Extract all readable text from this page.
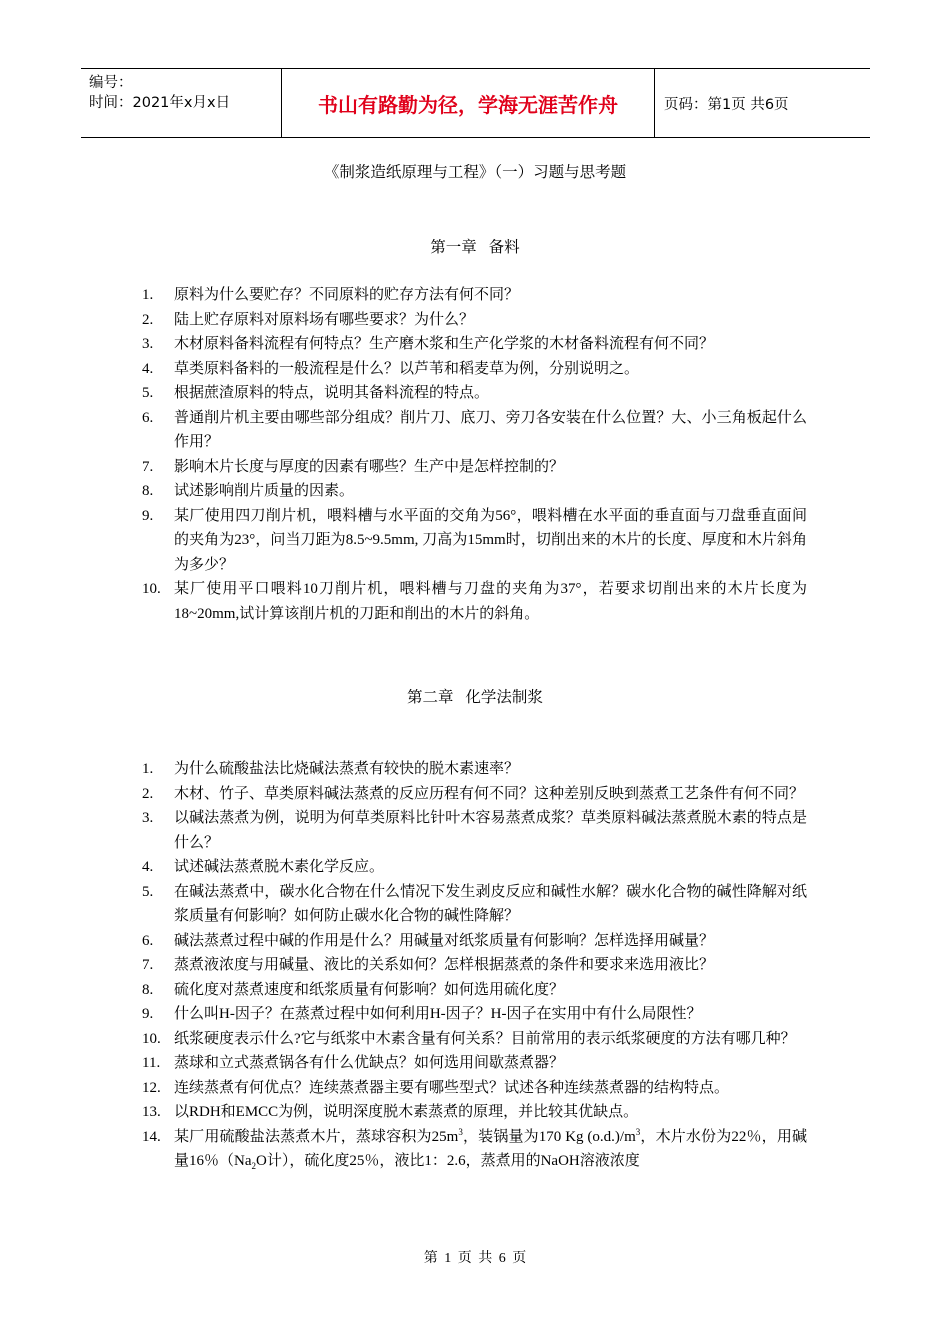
编号：
时间：2021年x月x日	书山有路勤为径，学海无涯苦作舟	页码：第1页 共6页
《制浆造纸原理与工程》（一）习题与思考题
第一章 备料
1.	原料为什么要贮存？不同原料的贮存方法有何不同？
2.	陆上贮存原料对原料场有哪些要求？为什么？
3.	木材原料备料流程有何特点？生产磨木浆和生产化学浆的木材备料流程有何不同？
4.	草类原料备料的一般流程是什么？以芦苇和稻麦草为例，分别说明之。
5.	根据蔗渣原料的特点，说明其备料流程的特点。
6.	普通削片机主要由哪些部分组成？削片刀、底刀、旁刀各安装在什么位置？大、小三角板起什么作用？
7.	影响木片长度与厚度的因素有哪些？生产中是怎样控制的？
8.	试述影响削片质量的因素。
9.	某厂使用四刀削片机，喂料槽与水平面的交角为56°，喂料槽在水平面的垂直面与刀盘垂直面间的夹角为23°，问当刀距为8.5~9.5mm, 刀高为15mm时，切削出来的木片的长度、厚度和木片斜角为多少？
10. 某厂使用平口喂料10刀削片机，喂料槽与刀盘的夹角为37°，若要求切削出来的木片长度为18~20mm,试计算该削片机的刀距和削出的木片的斜角。
第二章 化学法制浆
1.	为什么硫酸盐法比烧碱法蒸煮有较快的脱木素速率？
2.	木材、竹子、草类原料碱法蒸煮的反应历程有何不同？这种差别反映到蒸煮工艺条件有何不同？
3.	以碱法蒸煮为例，说明为何草类原料比针叶木容易蒸煮成浆？草类原料碱法蒸煮脱木素的特点是什么？
4.	试述碱法蒸煮脱木素化学反应。
5.	在碱法蒸煮中，碳水化合物在什么情况下发生剥皮反应和碱性水解？碳水化合物的碱性降解对纸浆质量有何影响？如何防止碳水化合物的碱性降解？
6.	碱法蒸煮过程中碱的作用是什么？用碱量对纸浆质量有何影响？怎样选择用碱量？
7.	蒸煮液浓度与用碱量、液比的关系如何？怎样根据蒸煮的条件和要求来选用液比？
8.	硫化度对蒸煮速度和纸浆质量有何影响？如何选用硫化度？
9.	什么叫H-因子？在蒸煮过程中如何利用H-因子？H-因子在实用中有什么局限性？
10. 纸浆硬度表示什么?它与纸浆中木素含量有何关系？目前常用的表示纸浆硬度的方法有哪几种？
11. 蒸球和立式蒸煮锅各有什么优缺点？如何选用间歇蒸煮器？
12. 连续蒸煮有何优点？连续蒸煮器主要有哪些型式？试述各种连续蒸煮器的结构特点。
13. 以RDH和EMCC为例，说明深度脱木素蒸煮的原理，并比较其优缺点。
14. 某厂用硫酸盐法蒸煮木片，蒸球容积为$25m^3$，装锅量为170 Kg $(o.d.)/m^3$，木片水份为22％，用碱量16％（$Na_2O$计），硫化度25％，液比1：2.6，蒸煮用的NaOH溶液浓度
第 1 页 共 6 页
